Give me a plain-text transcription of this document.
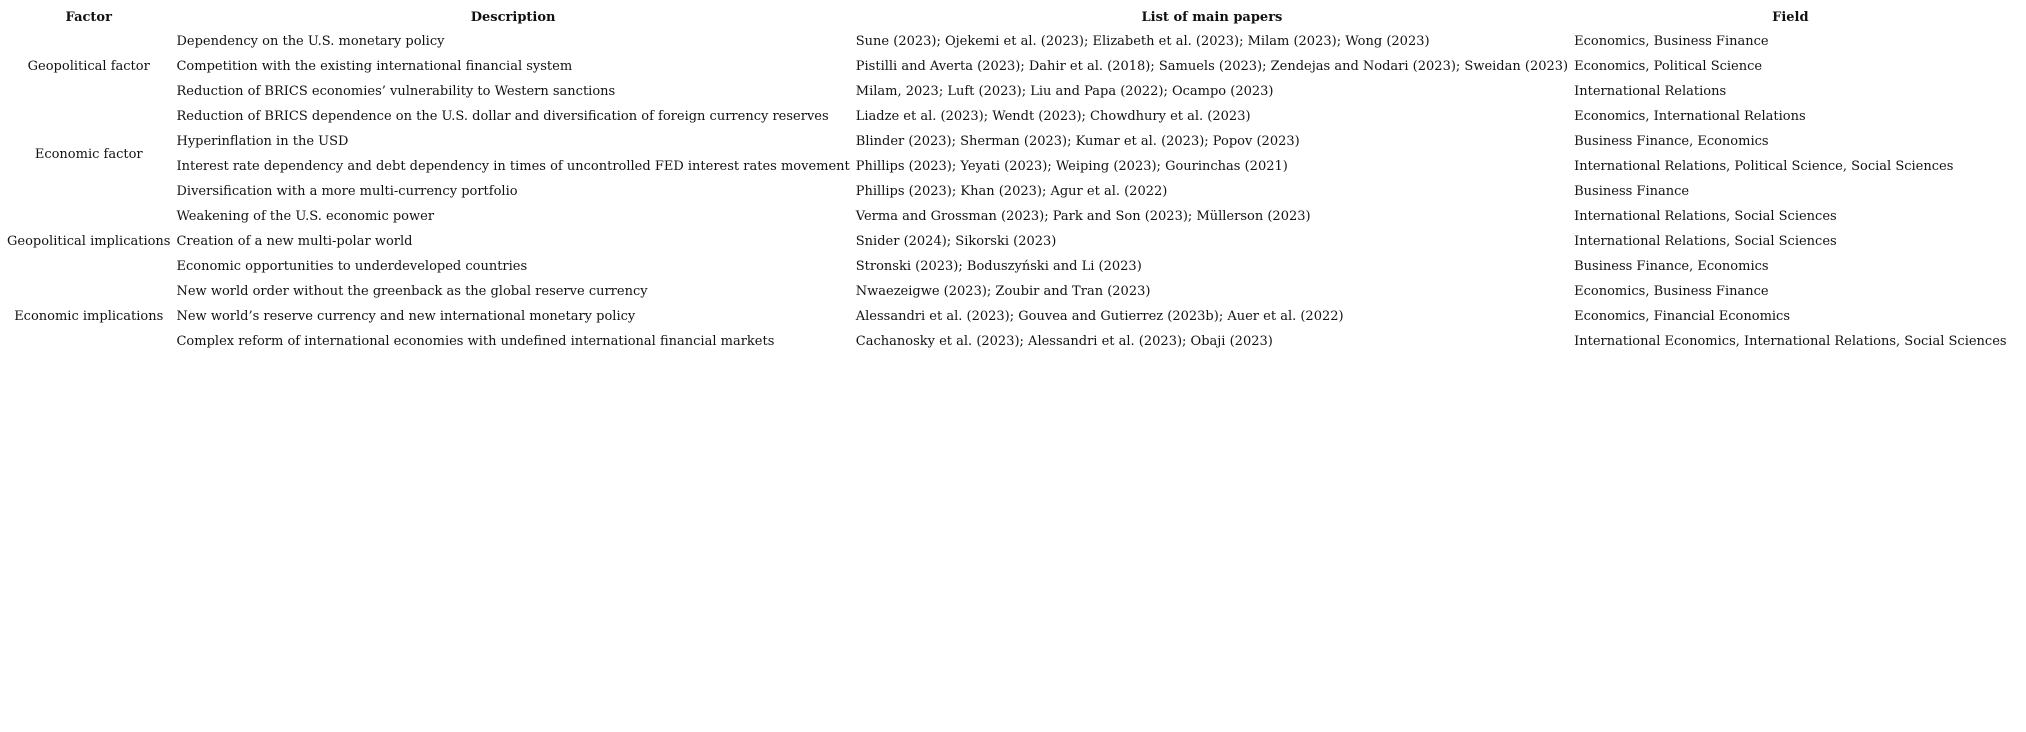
Factor	Description	List of main papers	Field
Geopolitical factor	Dependency on the U.S. monetary policy	Sune (2023); Ojekemi et al. (2023); Elizabeth et al. (2023); Milam (2023); Wong (2023)	Economics, Business Finance
	Competition with the existing international financial system	Pistilli and Averta (2023); Dahir et al. (2018); Samuels (2023); Zendejas and Nodari (2023); Sweidan (2023)	Economics, Political Science
	Reduction of BRICS economies’ vulnerability to Western sanctions	Milam, 2023; Luft (2023); Liu and Papa (2022); Ocampo (2023)	International Relations
Economic factor	Reduction of BRICS dependence on the U.S. dollar and diversification of foreign currency reserves	Liadze et al. (2023); Wendt (2023); Chowdhury et al. (2023)	Economics, International Relations
	Hyperinflation in the USD	Blinder (2023); Sherman (2023); Kumar et al. (2023); Popov (2023)	Business Finance, Economics
	Interest rate dependency and debt dependency in times of uncontrolled FED interest rates movement	Phillips (2023); Yeyati (2023); Weiping (2023); Gourinchas (2021)	International Relations, Political Science, Social Sciences
	Diversification with a more multi-currency portfolio	Phillips (2023); Khan (2023); Agur et al. (2022)	Business Finance
Geopolitical implications	Weakening of the U.S. economic power	Verma and Grossman (2023); Park and Son (2023); Müllerson (2023)	International Relations, Social Sciences
	Creation of a new multi-polar world	Snider (2024); Sikorski (2023)	International Relations, Social Sciences
	Economic opportunities to underdeveloped countries	Stronski (2023); Boduszyński and Li (2023)	Business Finance, Economics
Economic implications	New world order without the greenback as the global reserve currency	Nwaezeigwe (2023); Zoubir and Tran (2023)	Economics, Business Finance
	New world’s reserve currency and new international monetary policy	Alessandri et al. (2023); Gouvea and Gutierrez (2023b); Auer et al. (2022)	Economics, Financial Economics
	Complex reform of international economies with undefined international financial markets	Cachanosky et al. (2023); Alessandri et al. (2023); Obaji (2023)	International Economics, International Relations, Social Sciences
